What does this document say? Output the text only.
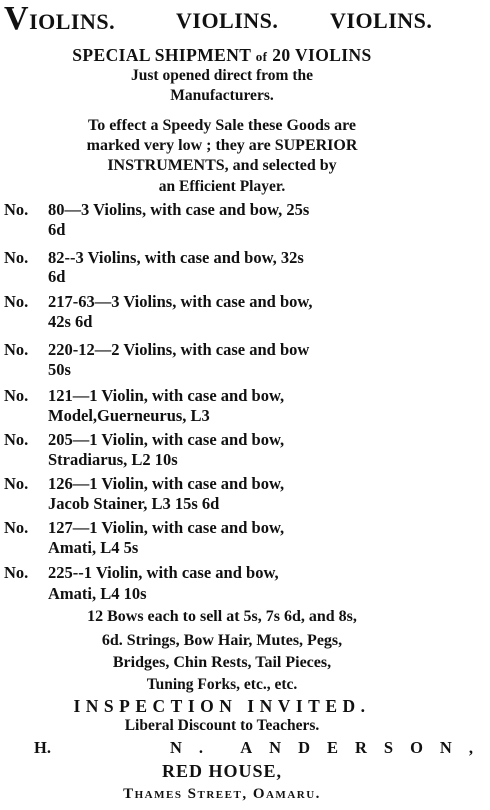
VIOLINS.	VIOLINS. VIOLINS.
SPECIAL SHIPMENT of 20 VIOLINS
Just opened direct from the
Manufacturers.
To effect a Speedy Sale these Goods are
marked very low ; they are SUPERIOR
INSTRUMENTS, and selected by
an Efficient Player.
No. 80—3 Violins, with case and bow, 25s
6d
No. 82--3 Violins, with case and bow, 32s
6d
No. 217-63—3 Violins, with case and bow,
42s 6d
No. 220-12—2 Violins, with case and bow
50s
No. 121—1 Violin, with case and bow,
Model,Guerneurus, L3
No. 205—1 Violin, with case and bow,
Stradiarus, L2 10s
No. 126—1 Violin, with case and bow,
Jacob Stainer, L3 15s 6d
No. 127—1 Violin, with case and bow,
Amati, L4 5s
No. 225--1 Violin, with case and bow,
Amati, L4 10s
12 Bows each to sell at 5s, 7s 6d, and 8s,
6d. Strings, Bow Hair, Mutes, Pegs,
Bridges, Chin Rests, Tail Pieces,
Tuning Forks, etc., etc.
INSPECTION INVITED.
Liberal Discount to Teachers.
H.	N. ANDERSON,
RED HOUSE,
Thames Street, Oamaru.
